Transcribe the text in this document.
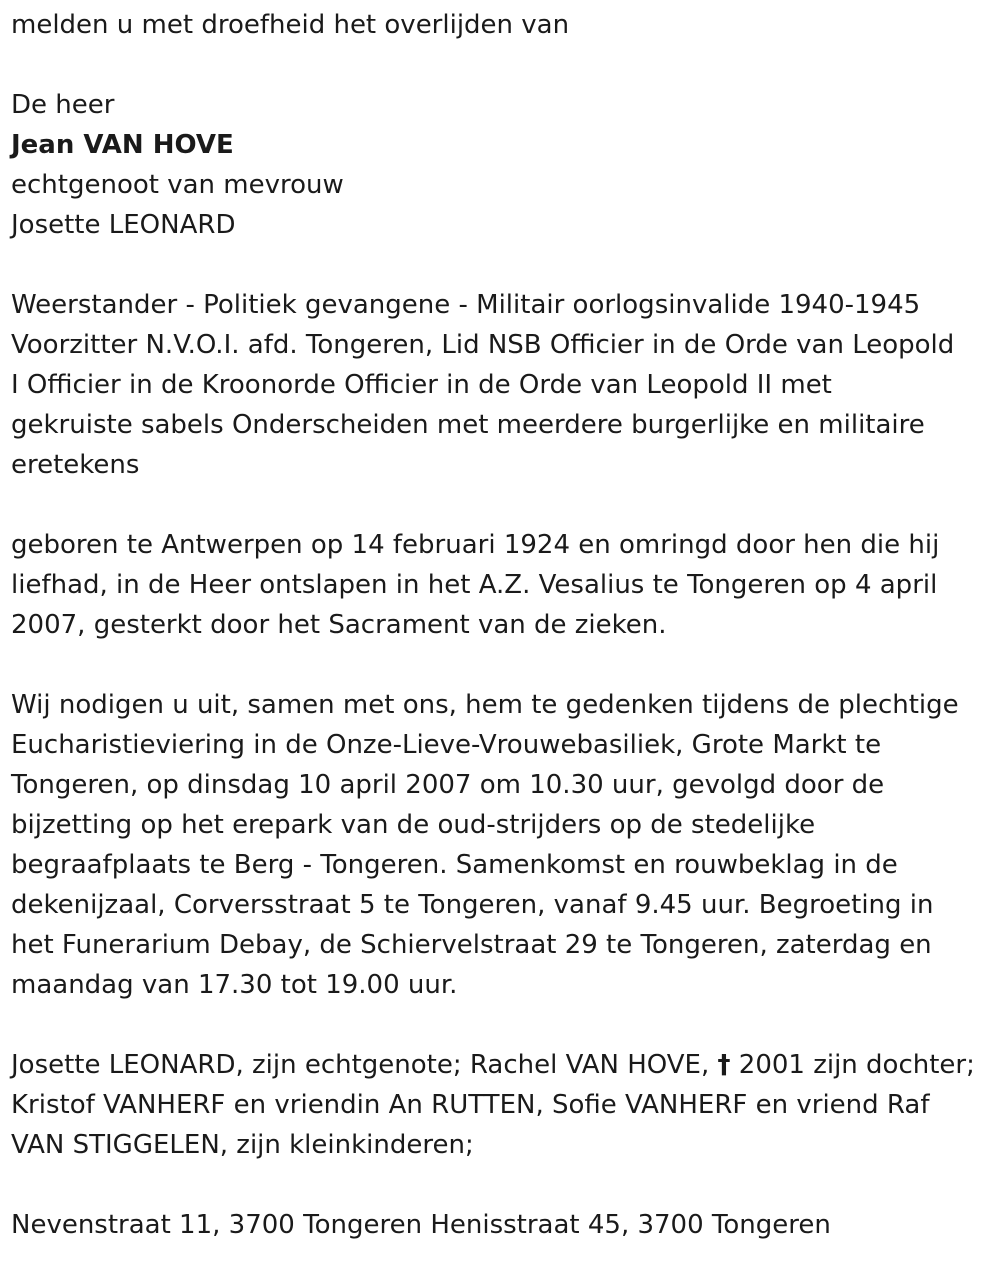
melden u met droefheid het overlijden van

De heer

Jean VAN HOVE

echtgenoot van mevrouw

Josette LEONARD

Weerstander - Politiek gevangene - Militair oorlogsinvalide 1940-1945

Voorzitter N.V.O.I. afd. Tongeren, Lid NSB Officier in de Orde van Leopold

I Officier in de Kroonorde Officier in de Orde van Leopold II met

gekruiste sabels Onderscheiden met meerdere burgerlijke en militaire

eretekens

geboren te Antwerpen op 14 februari 1924 en omringd door hen die hij

liefhad, in de Heer ontslapen in het A.Z. Vesalius te Tongeren op 4 april

2007, gesterkt door het Sacrament van de zieken.

Wij nodigen u uit, samen met ons, hem te gedenken tijdens de plechtige

Eucharistieviering in de Onze-Lieve-Vrouwebasiliek, Grote Markt te

Tongeren, op dinsdag 10 april 2007 om 10.30 uur, gevolgd door de

bijzetting op het erepark van de oud-strijders op de stedelijke

begraafplaats te Berg - Tongeren. Samenkomst en rouwbeklag in de

dekenijzaal, Corversstraat 5 te Tongeren, vanaf 9.45 uur. Begroeting in

het Funerarium Debay, de Schiervelstraat 29 te Tongeren, zaterdag en

maandag van 17.30 tot 19.00 uur.

Josette LEONARD, zijn echtgenote; Rachel VAN HOVE, † 2001 zijn dochter;

Kristof VANHERF en vriendin An RUTTEN, Sofie VANHERF en vriend Raf

VAN STIGGELEN, zijn kleinkinderen;

Nevenstraat 11, 3700 Tongeren Henisstraat 45, 3700 Tongeren
